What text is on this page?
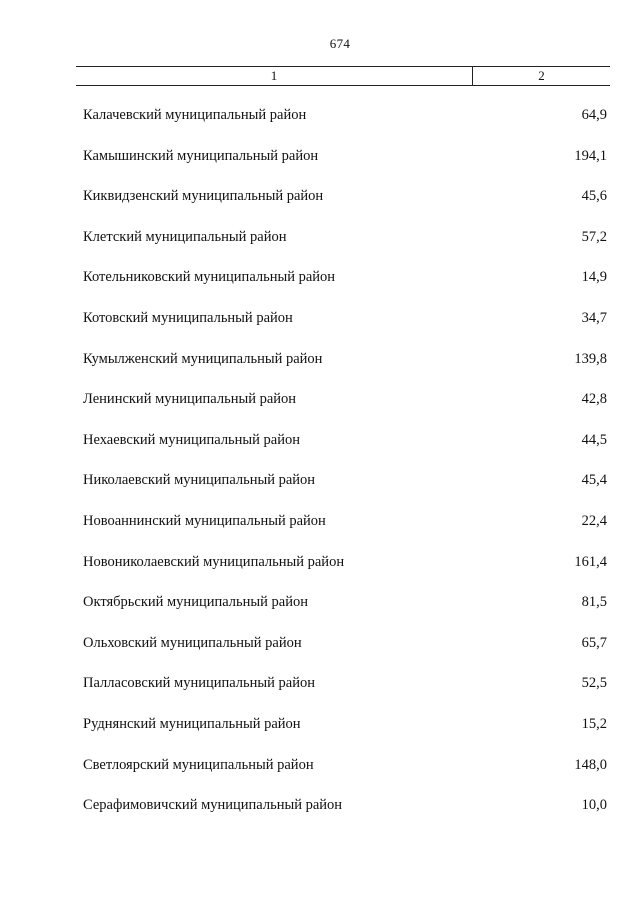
674
1	2
Калачевский муниципальный район	64,9
Камышинский муниципальный район	194,1
Киквидзенский муниципальный район	45,6
Клетский муниципальный район	57,2
Котельниковский муниципальный район	14,9
Котовский муниципальный район	34,7
Кумылженский муниципальный район	139,8
Ленинский муниципальный район	42,8
Нехаевский муниципальный район	44,5
Николаевский муниципальный район	45,4
Новоаннинский муниципальный район	22,4
Новониколаевский муниципальный район	161,4
Октябрьский муниципальный район	81,5
Ольховский муниципальный район	65,7
Палласовский муниципальный район	52,5
Руднянский муниципальный район	15,2
Светлоярский муниципальный район	148,0
Серафимовичский муниципальный район	10,0
